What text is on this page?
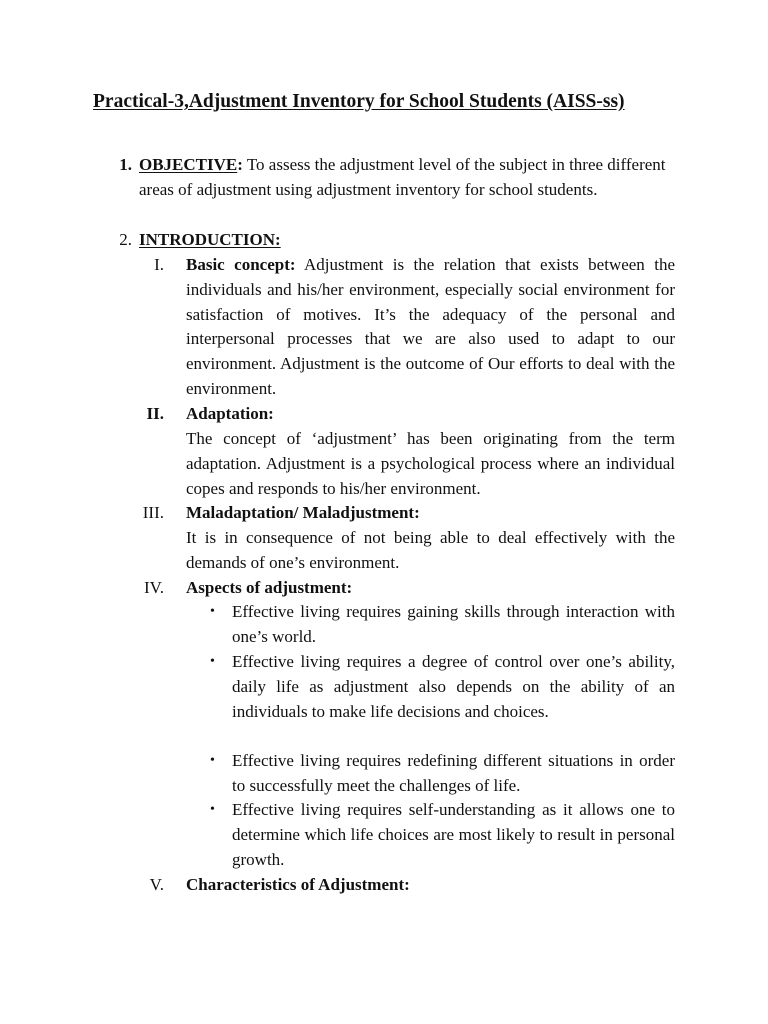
Practical-3,Adjustment Inventory for School Students (AISS-ss)
1. OBJECTIVE: To assess the adjustment level of the subject in three different areas of adjustment using adjustment inventory for school students.
2. INTRODUCTION:
I. Basic concept: Adjustment is the relation that exists between the individuals and his/her environment, especially social environment for satisfaction of motives. It’s the adequacy of the personal and interpersonal processes that we are also used to adapt to our environment. Adjustment is the outcome of Our efforts to deal with the environment.
II. Adaptation:
The concept of ‘adjustment’ has been originating from the term adaptation. Adjustment is a psychological process where an individual copes and responds to his/her environment.
III. Maladaptation/ Maladjustment:
It is in consequence of not being able to deal effectively with the demands of one’s environment.
IV. Aspects of adjustment:
• Effective living requires gaining skills through interaction with one’s world.
• Effective living requires a degree of control over one’s ability, daily life as adjustment also depends on the ability of an individuals to make life decisions and choices.
• Effective living requires redefining different situations in order to successfully meet the challenges of life.
• Effective living requires self-understanding as it allows one to determine which life choices are most likely to result in personal growth.
V. Characteristics of Adjustment:
